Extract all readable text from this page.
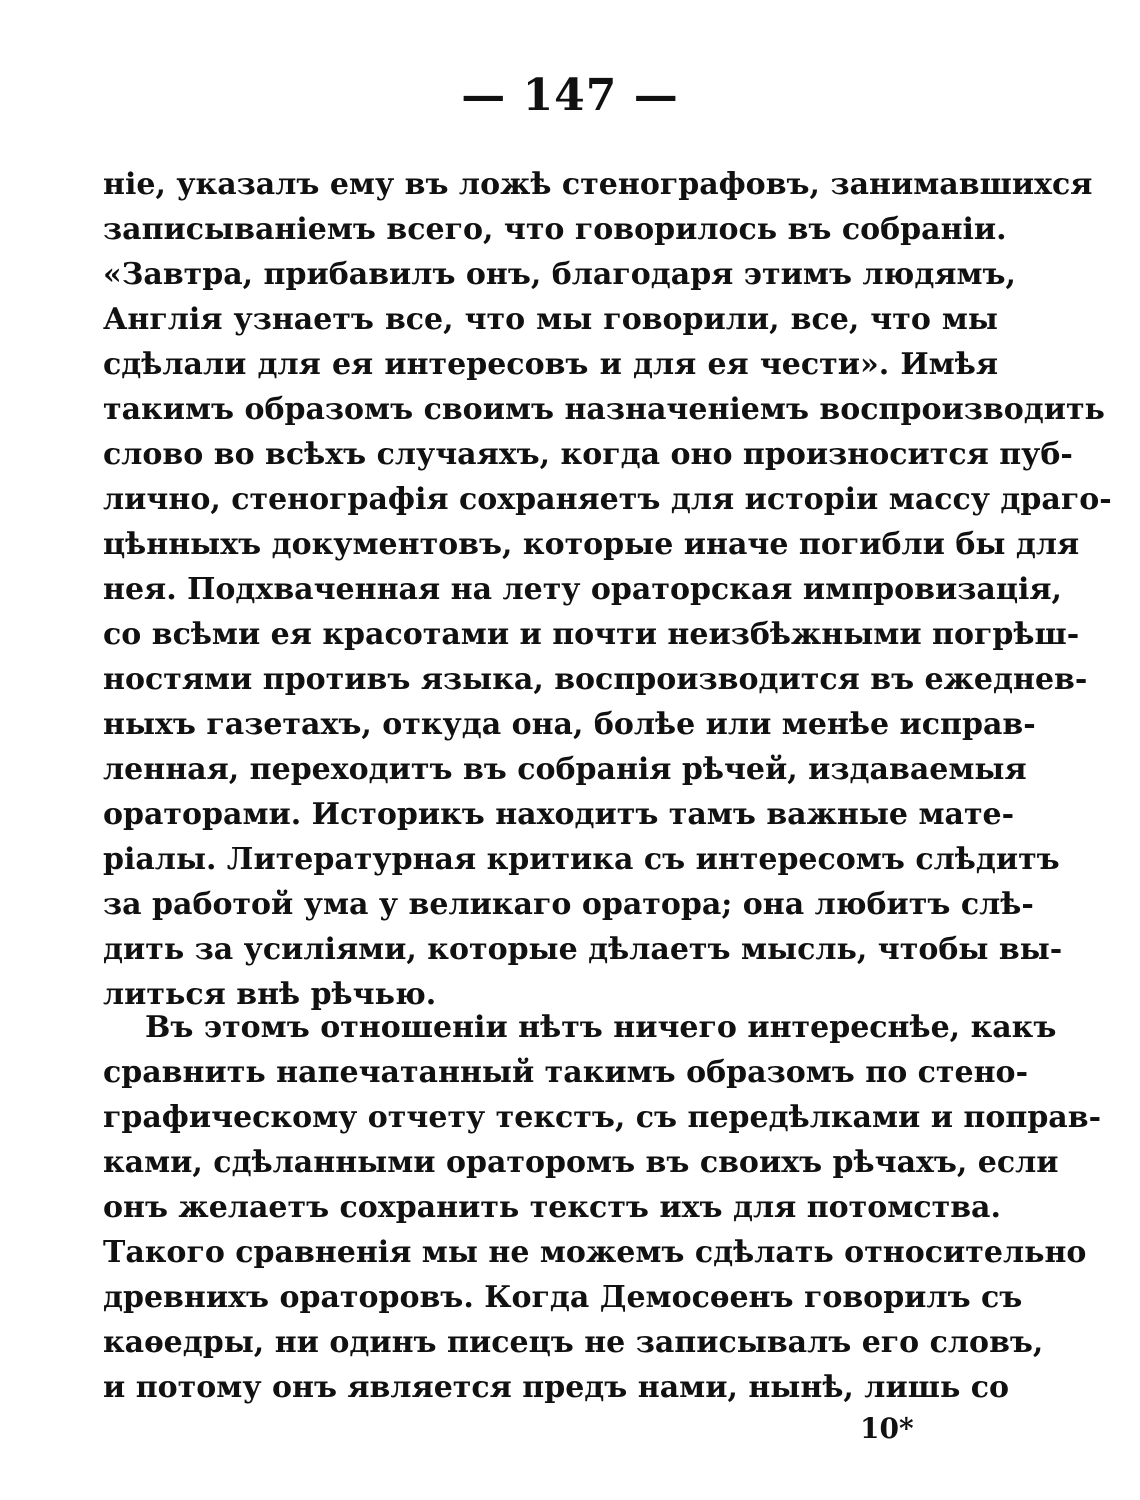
— 147 —
ніе, указалъ ему въ ложѣ стенографовъ, занимавшихся
записываніемъ всего, что говорилось въ собраніи.
«Завтра, прибавилъ онъ, благодаря этимъ людямъ,
Англія узнаетъ все, что мы говорили, все, что мы
сдѣлали для ея интересовъ и для ея чести». Имѣя
такимъ образомъ своимъ назначеніемъ воспроизводить
слово во всѣхъ случаяхъ, когда оно произносится пуб-
лично, стенографія сохраняетъ для исторіи массу драго-
цѣнныхъ документовъ, которые иначе погибли бы для
нея. Подхваченная на лету ораторская импровизація,
со всѣми ея красотами и почти неизбѣжными погрѣш-
ностями противъ языка, воспроизводится въ ежеднев-
ныхъ газетахъ, откуда она, болѣе или менѣе исправ-
ленная, переходитъ въ собранія рѣчей, издаваемыя
ораторами. Историкъ находитъ тамъ важные мате-
ріалы. Литературная критика съ интересомъ слѣдитъ
за работой ума у великаго оратора; она любитъ слѣ-
дить за усиліями, которые дѣлаетъ мысль, чтобы вы-
литься внѣ рѣчью.
Въ этомъ отношеніи нѣтъ ничего интереснѣе, какъ
сравнить напечатанный такимъ образомъ по стено-
графическому отчету текстъ, съ передѣлками и поправ-
ками, сдѣланными ораторомъ въ своихъ рѣчахъ, если
онъ желаетъ сохранить текстъ ихъ для потомства.
Такого сравненія мы не можемъ сдѣлать относительно
древнихъ ораторовъ. Когда Демосѳенъ говорилъ съ
каѳедры, ни одинъ писецъ не записывалъ его словъ,
и потому онъ является предъ нами, нынѣ, лишь со
10*
